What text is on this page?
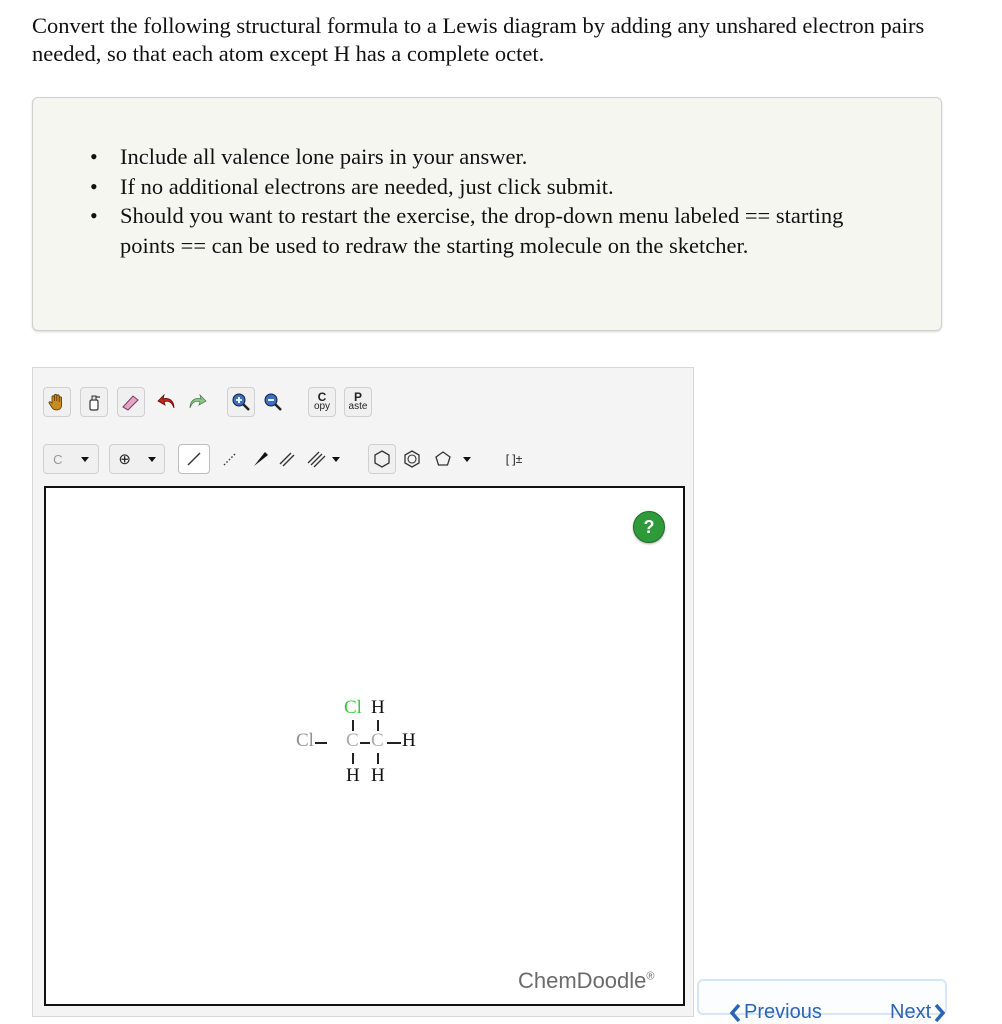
Convert the following structural formula to a Lewis diagram by adding any unshared electron pairs needed, so that each atom except H has a complete octet.

• Include all valence lone pairs in your answer.
• If no additional electrons are needed, just click submit.
• Should you want to restart the exercise, the drop-down menu labeled == starting points == can be used to redraw the starting molecule on the sketcher.
C
opy
P
aste
C	⊕	[ ]±
?
Cl H
Cl	C C H
H H
ChemDoodle®
Previous	Next
